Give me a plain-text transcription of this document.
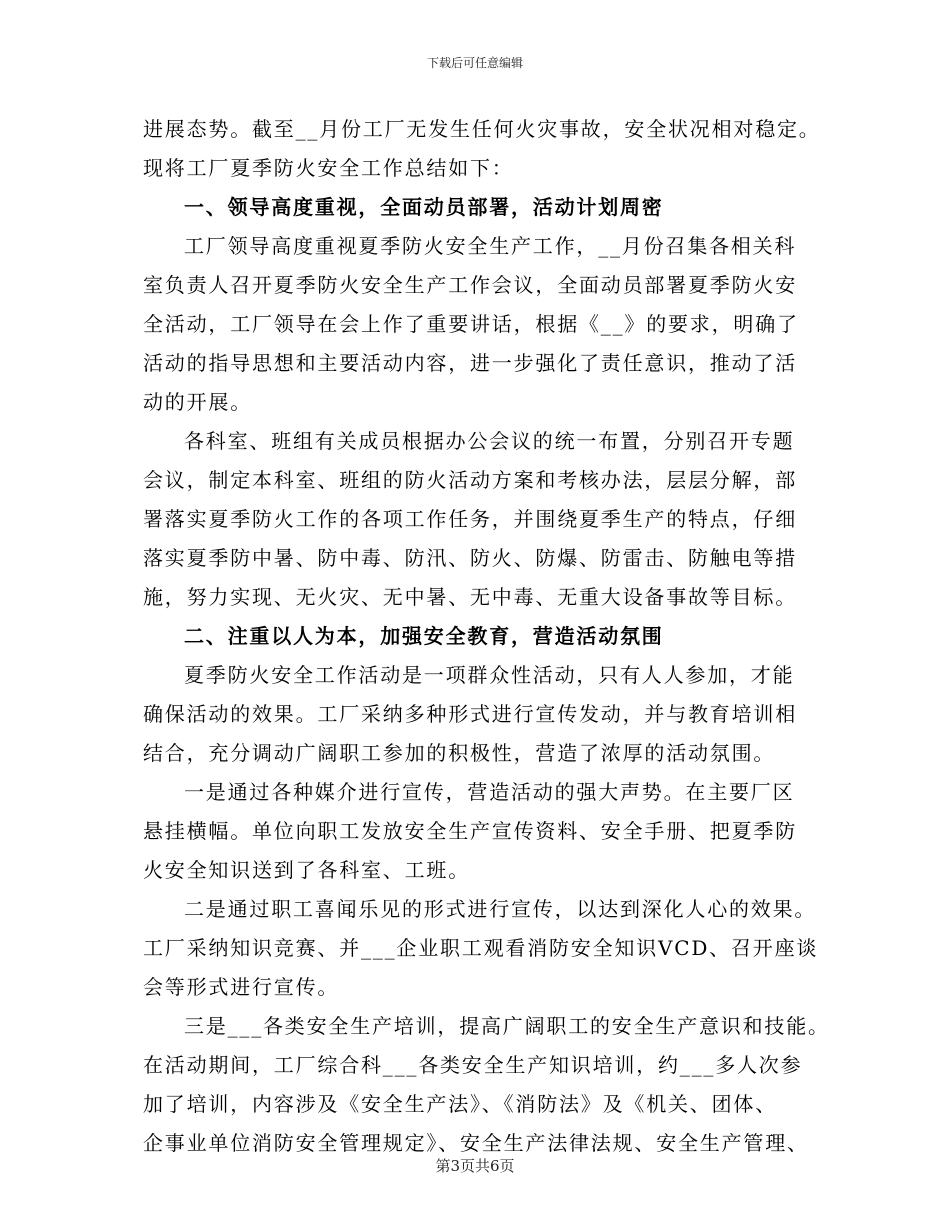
下载后可任意编辑
进展态势。截至__月份工厂无发生任何火灾事故，安全状况相对稳定。
现将工厂夏季防火安全工作总结如下：
一、领导高度重视，全面动员部署，活动计划周密
工厂领导高度重视夏季防火安全生产工作，__月份召集各相关科
室负责人召开夏季防火安全生产工作会议，全面动员部署夏季防火安
全活动，工厂领导在会上作了重要讲话，根据《__》的要求，明确了
活动的指导思想和主要活动内容，进一步强化了责任意识，推动了活
动的开展。
各科室、班组有关成员根据办公会议的统一布置，分别召开专题
会议，制定本科室、班组的防火活动方案和考核办法，层层分解，部
署落实夏季防火工作的各项工作任务，并围绕夏季生产的特点，仔细
落实夏季防中暑、防中毒、防汛、防火、防爆、防雷击、防触电等措
施，努力实现、无火灾、无中暑、无中毒、无重大设备事故等目标。
二、注重以人为本，加强安全教育，营造活动氛围
夏季防火安全工作活动是一项群众性活动，只有人人参加，才能
确保活动的效果。工厂采纳多种形式进行宣传发动，并与教育培训相
结合，充分调动广阔职工参加的积极性，营造了浓厚的活动氛围。
一是通过各种媒介进行宣传，营造活动的强大声势。在主要厂区
悬挂横幅。单位向职工发放安全生产宣传资料、安全手册、把夏季防
火安全知识送到了各科室、工班。
二是通过职工喜闻乐见的形式进行宣传，以达到深化人心的效果。
工厂采纳知识竞赛、并___企业职工观看消防安全知识VCD、召开座谈
会等形式进行宣传。
三是___各类安全生产培训，提高广阔职工的安全生产意识和技能。
在活动期间，工厂综合科___各类安全生产知识培训，约___多人次参
加了培训，内容涉及《安全生产法》、《消防法》及《机关、团体、
企事业单位消防安全管理规定》、安全生产法律法规、安全生产管理、
第3页共6页
